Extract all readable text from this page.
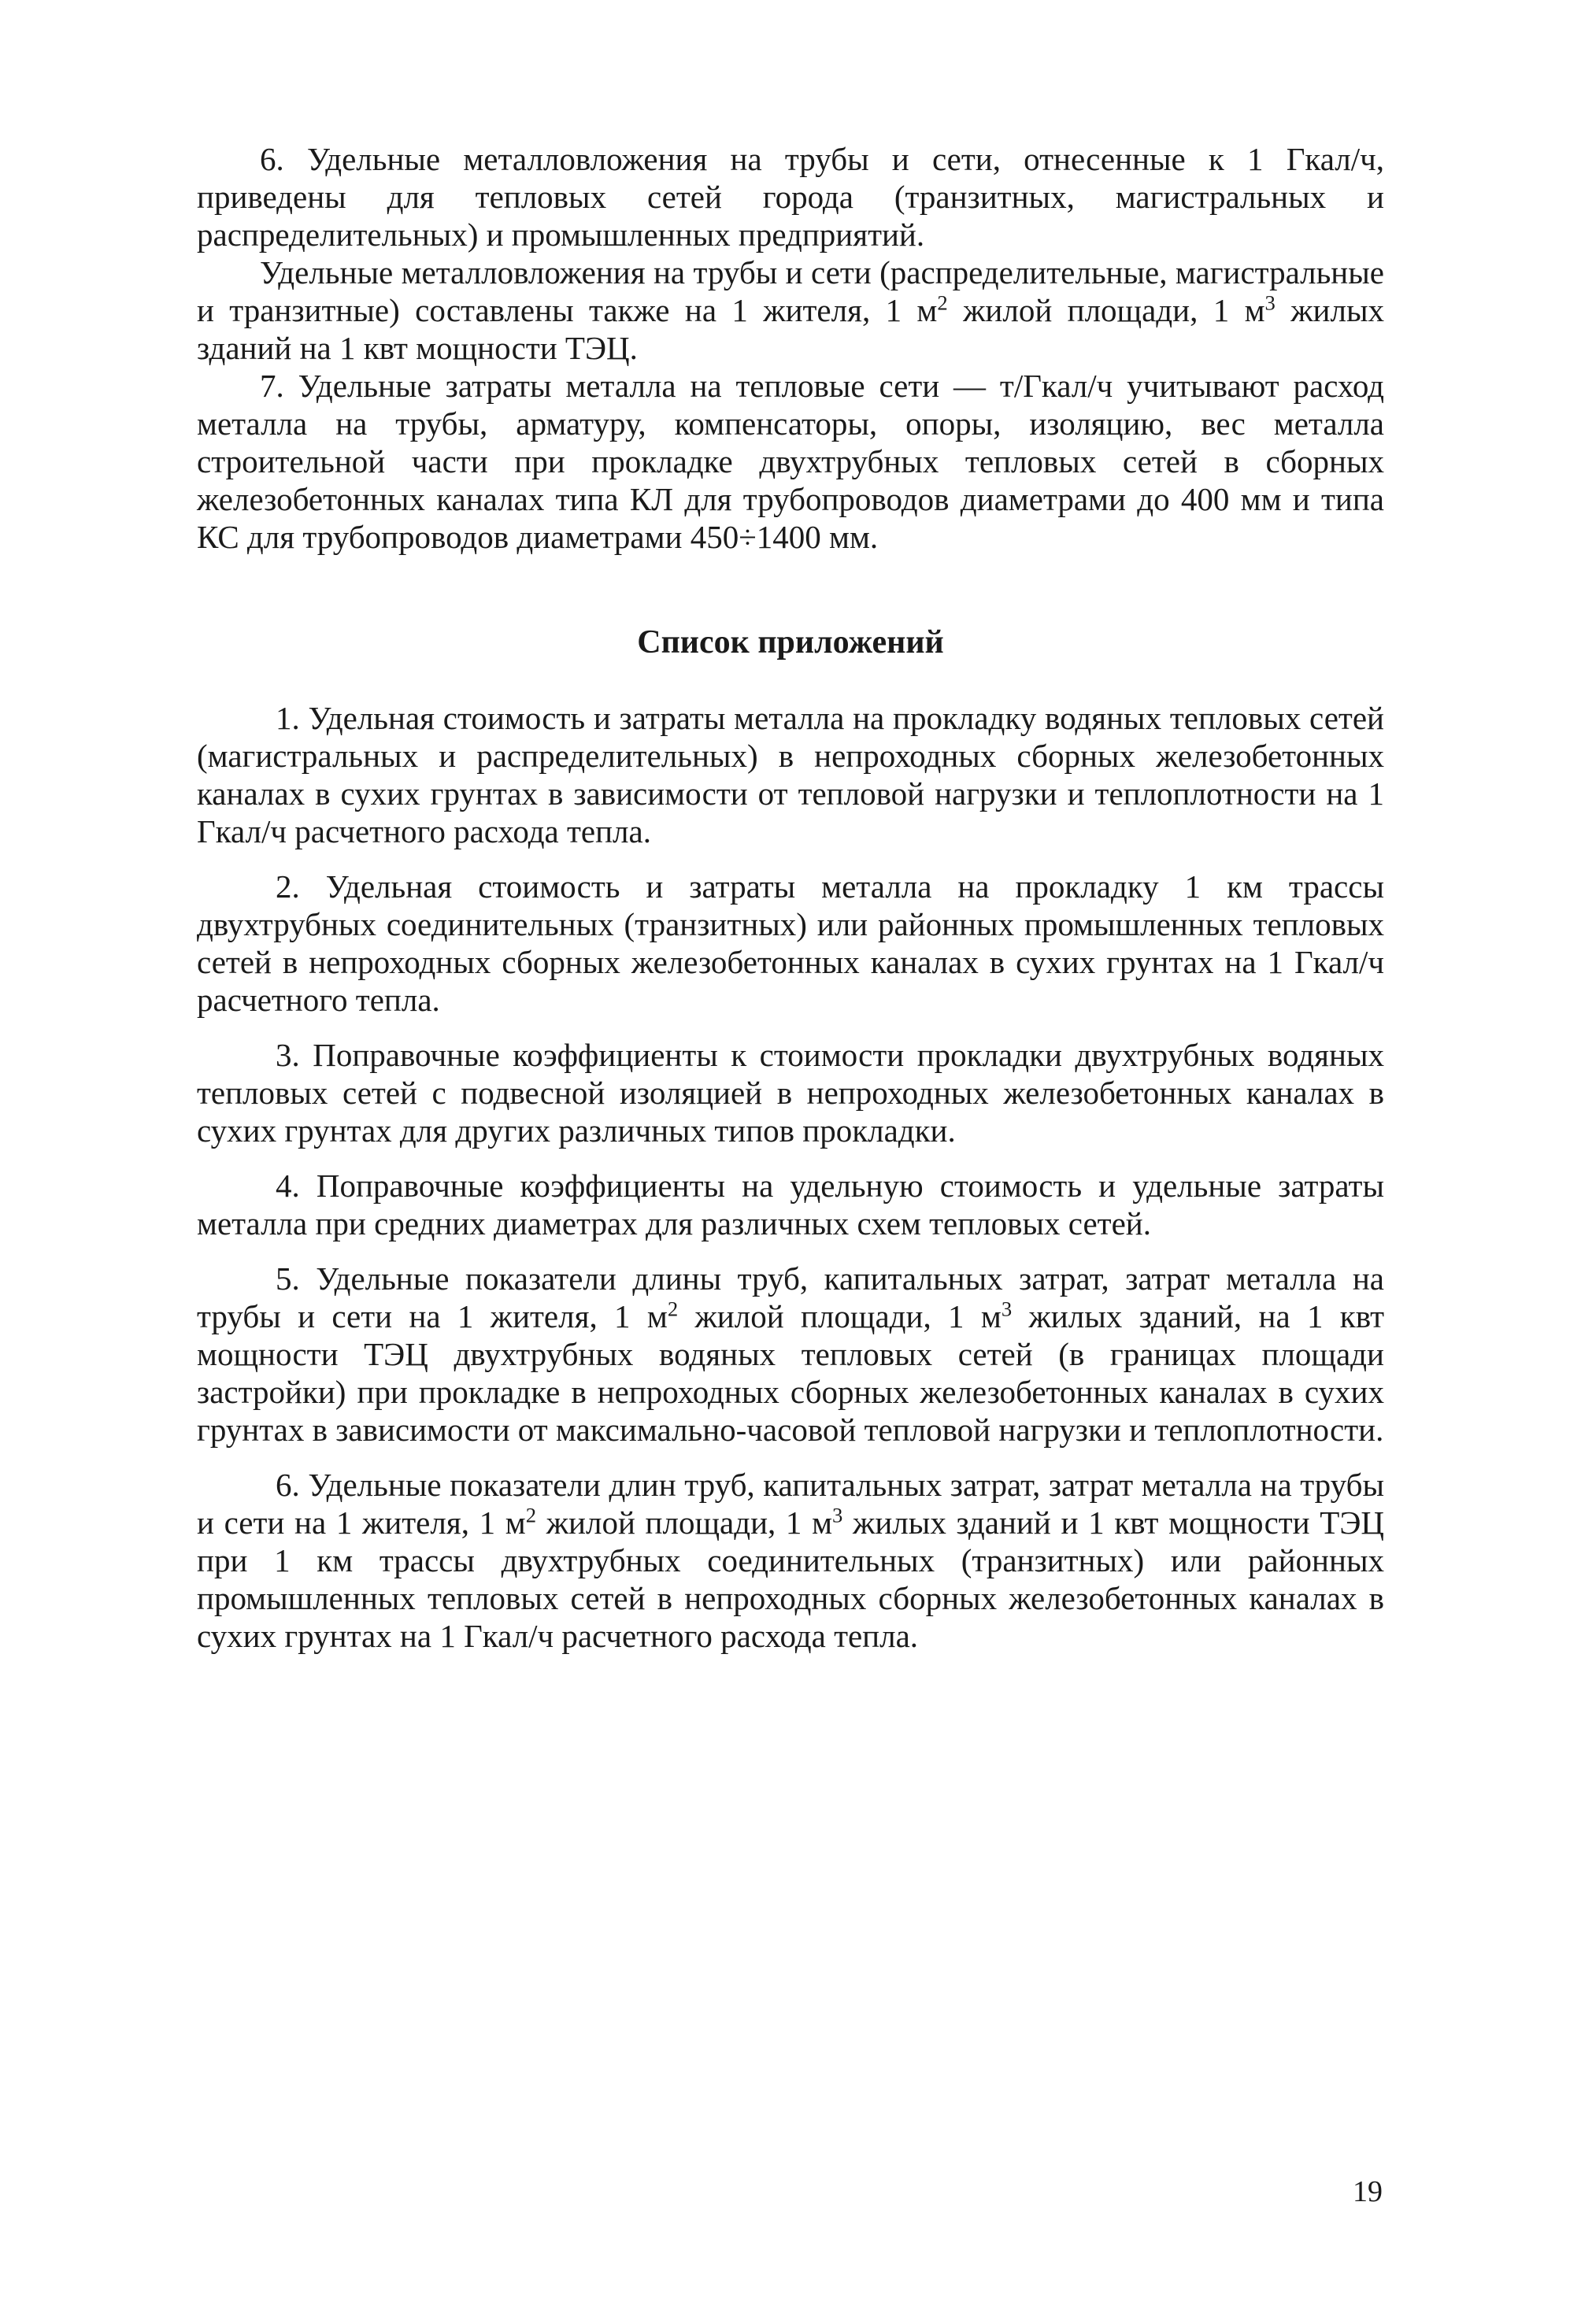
6. Удельные металловложения на трубы и сети, отнесенные к 1 Гкал/ч, приведены для тепловых сетей города (транзитных, магистральных и распределительных) и промышленных предприятий.

Удельные металловложения на трубы и сети (распределительные, магистральные и транзитные) составлены также на 1 жителя, 1 $м^2$ жилой площади, 1 $м^3$ жилых зданий на 1 квт мощности ТЭЦ.

7. Удельные затраты металла на тепловые сети — т/Гкал/ч учитывают расход металла на трубы, арматуру, компенсаторы, опоры, изоляцию, вес металла строительной части при прокладке двухтрубных тепловых сетей в сборных железобетонных каналах типа КЛ для трубопроводов диаметрами до 400 мм и типа КС для трубопроводов диаметрами 450÷1400 мм.

Список приложений

1. Удельная стоимость и затраты металла на прокладку водяных тепловых сетей (магистральных и распределительных) в непроходных сборных железобетонных каналах в сухих грунтах в зависимости от тепловой нагрузки и теплоплотности на 1 Гкал/ч расчетного расхода тепла.

2. Удельная стоимость и затраты металла на прокладку 1 км трассы двухтрубных соединительных (транзитных) или районных промышленных тепловых сетей в непроходных сборных железобетонных каналах в сухих грунтах на 1 Гкал/ч расчетного тепла.

3. Поправочные коэффициенты к стоимости прокладки двухтрубных водяных тепловых сетей с подвесной изоляцией в непроходных железобетонных каналах в сухих грунтах для других различных типов прокладки.

4. Поправочные коэффициенты на удельную стоимость и удельные затраты металла при средних диаметрах для различных схем тепловых сетей.

5. Удельные показатели длины труб, капитальных затрат, затрат металла на трубы и сети на 1 жителя, 1 $м^2$ жилой площади, 1 $м^3$ жилых зданий, на 1 квт мощности ТЭЦ двухтрубных водяных тепловых сетей (в границах площади застройки) при прокладке в непроходных сборных железобетонных каналах в сухих грунтах в зависимости от максимально-часовой тепловой нагрузки и теплоплотности.

6. Удельные показатели длин труб, капитальных затрат, затрат металла на трубы и сети на 1 жителя, 1 $м^2$ жилой площади, 1 $м^3$ жилых зданий и 1 квт мощности ТЭЦ при 1 км трассы двухтрубных соединительных (транзитных) или районных промышленных тепловых сетей в непроходных сборных железобетонных каналах в сухих грунтах на 1 Гкал/ч расчетного расхода тепла.

19
